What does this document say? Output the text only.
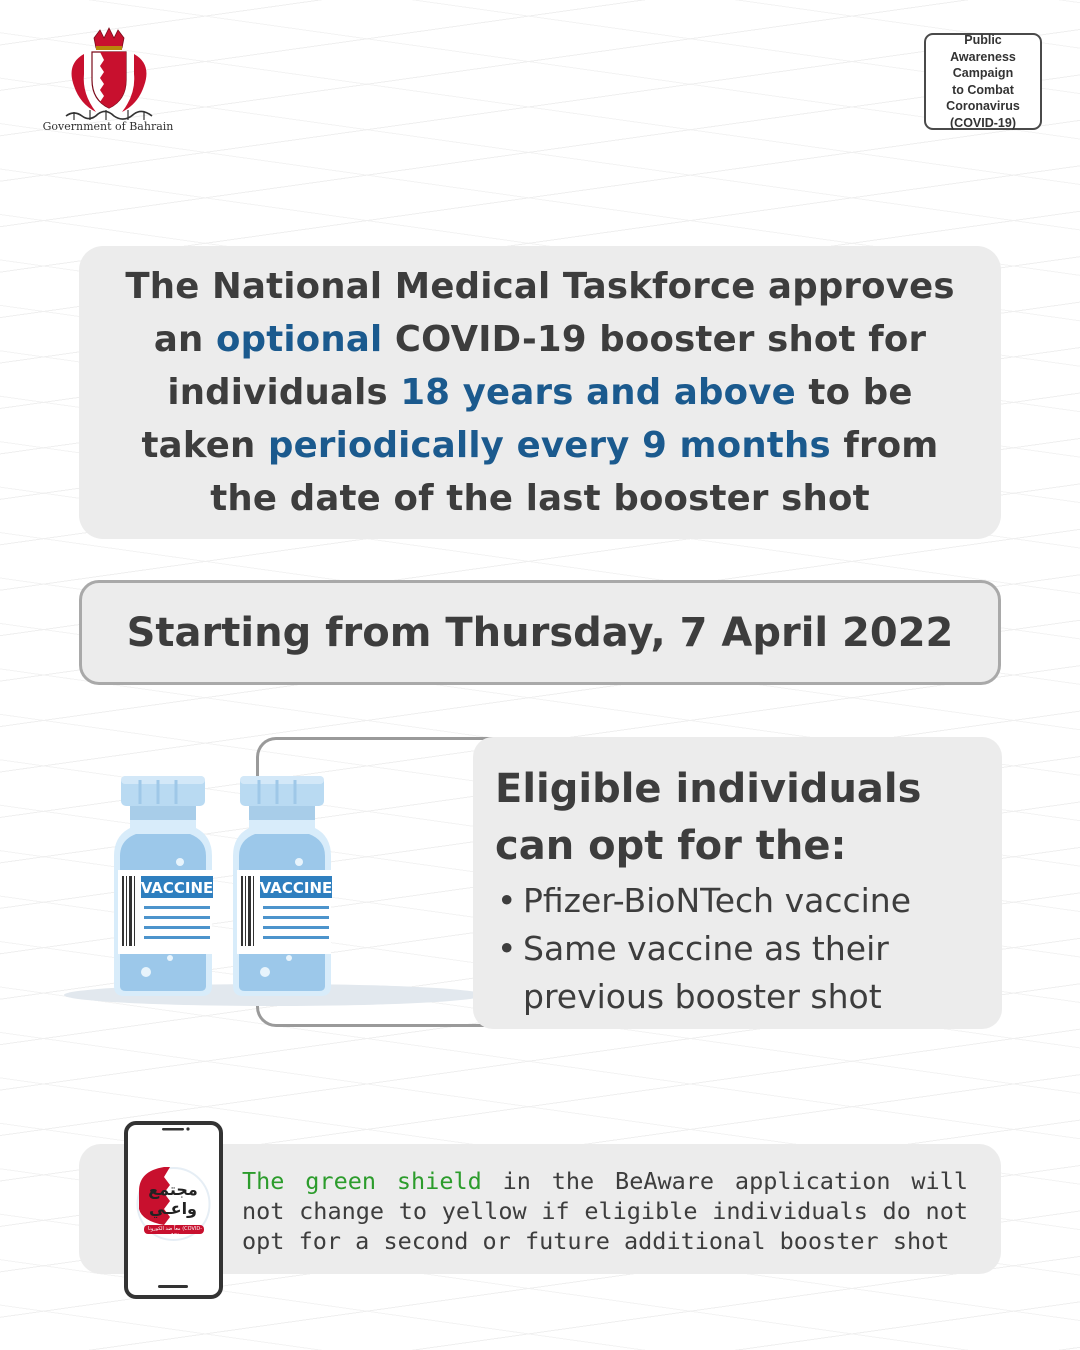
Government of Bahrain
Public Awareness
Campaign
to Combat
Coronavirus
(COVID-19)
The National Medical Taskforce approves an optional COVID-19 booster shot for individuals 18 years and above to be taken periodically every 9 months from the date of the last booster shot
Starting from Thursday, 7 April 2022
VACCINE	VACCINE
Eligible individuals can opt for the:
• Pfizer-BioNTech vaccine
• Same vaccine as their previous booster shot
The green shield in the BeAware application will not change to yellow if eligible individuals do not opt for a second or future additional booster shot
مجتمع
واعـي
معاً ضد الكورونا (COVID-19)
